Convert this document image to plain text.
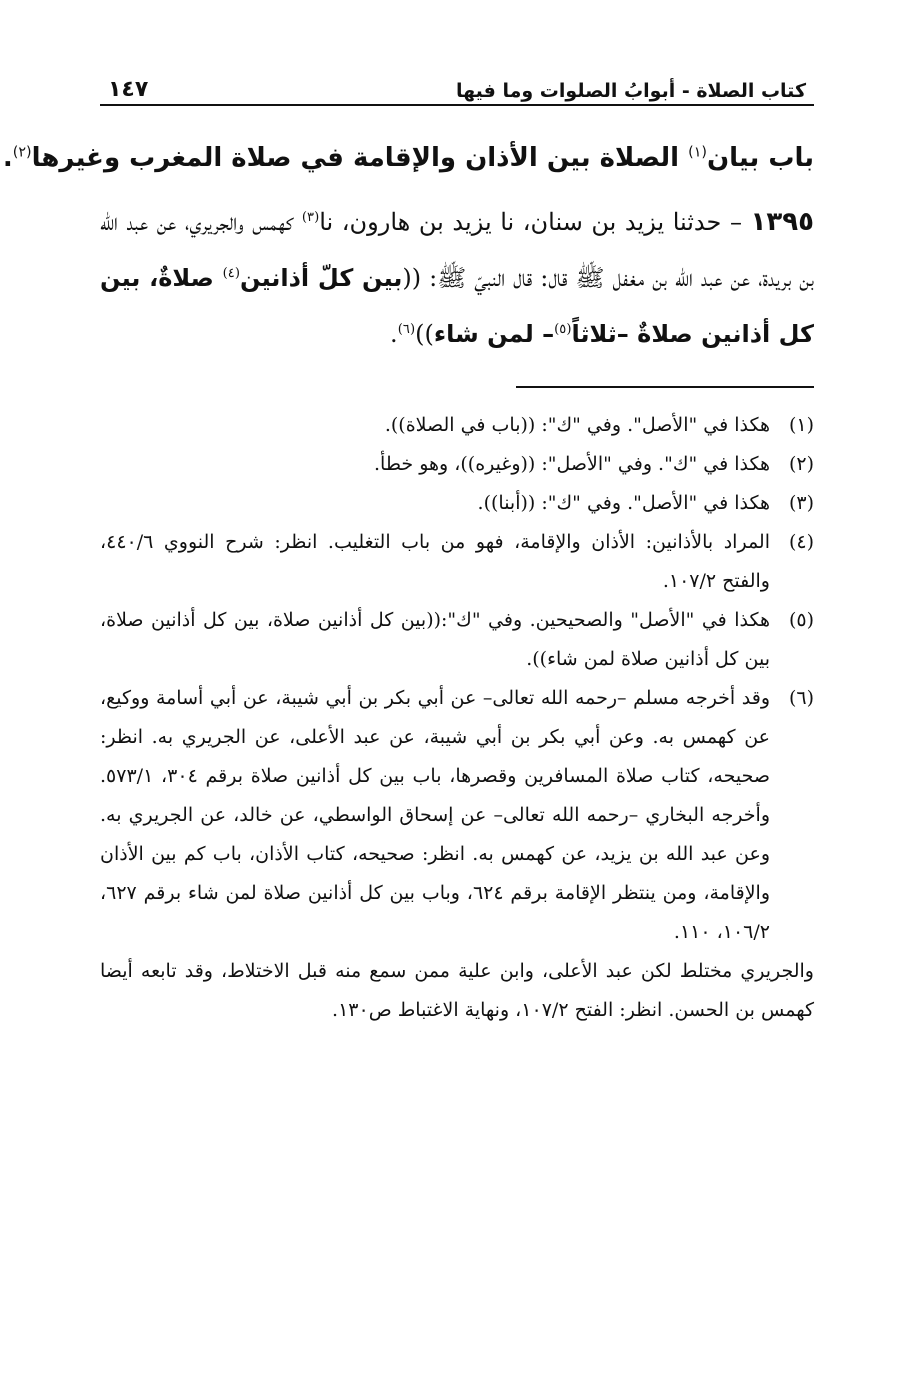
كتاب الصلاة - أبوابُ الصلوات وما فيها
١٤٧
باب بيان$^{(١)}$ الصلاة بين الأذان والإقامة في صلاة المغرب وغيرها$^{(٢)}$.

١٣٩٥ – حدثنا يزيد بن سنان، نا يزيد بن هارون، نا$^{(٣)}$ كهمس والجريري، عن عبد الله بن بريدة، عن عبد الله بن مغفل ﷺ قال: قال النبيّ ﷺ: ((بين كلّ أذانين$^{(٤)}$ صلاةٌ، بين كل أذانين صلاةٌ –ثلاثاً$^{(٥)}$– لمن شاء))$^{(٦)}$.

(١)
هكذا في "الأصل". وفي "ك": ((باب في الصلاة)).
(٢)
هكذا في "ك". وفي "الأصل": ((وغيره))، وهو خطأ.
(٣)
هكذا في "الأصل". وفي "ك": ((أبنا)).
(٤)
المراد بالأذانين: الأذان والإقامة، فهو من باب التغليب. انظر: شرح النووي ٤٤٠/٦، والفتح ١٠٧/٢.
(٥)
هكذا في "الأصل" والصحيحين. وفي "ك":((بين كل أذانين صلاة، بين كل أذانين صلاة، بين كل أذانين صلاة لمن شاء)).
(٦)
وقد أخرجه مسلم –رحمه الله تعالى– عن أبي بكر بن أبي شيبة، عن أبي أسامة ووكيع، عن كهمس به. وعن أبي بكر بن أبي شيبة، عن عبد الأعلى، عن الجريري به. انظر: صحيحه، كتاب صلاة المسافرين وقصرها، باب بين كل أذانين صلاة برقم ٣٠٤، ٥٧٣/١. وأخرجه البخاري –رحمه الله تعالى– عن إسحاق الواسطي، عن خالد، عن الجريري به. وعن عبد الله بن يزيد، عن كهمس به. انظر: صحيحه، كتاب الأذان، باب كم بين الأذان والإقامة، ومن ينتظر الإقامة برقم ٦٢٤، وباب بين كل أذانين صلاة لمن شاء برقم ٦٢٧، ١٠٦/٢، ١١٠.
والجريري مختلط لكن عبد الأعلى، وابن علية ممن سمع منه قبل الاختلاط، وقد تابعه أيضا كهمس بن الحسن. انظر: الفتح ١٠٧/٢، ونهاية الاغتباط ص١٣٠.
